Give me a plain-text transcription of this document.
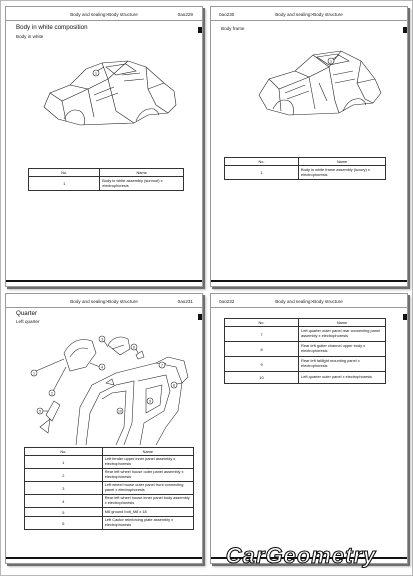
Body and sealing>Body structure	0ao229
Body in white composition
Body in white
1
No.	Name
1	Body in white assembly (sunroof) x electrophoresis
0ao230	Body and sealing>Body structure
Body frame
1
No.	Name
1	Body in white frame assembly (luxury) x electrophoresis
Body and sealing>Body structure	0ao231
Quarter
Left quarter
1
2
3
4
5
6
7
8
9
10
No.	Name
1	Left fender upper inner panel assembly x electrophoresis
2	Rear left wheel house outer panel assembly x electrophoresis
3	Left wheel house outer panel front connecting panel x electrophoresis
4	Rear left wheel house inner panel body assembly x electrophoresis
5	M8 ground bolt_M8 x 18
6	Left Cactor reinforcing plate assembly x electrophoresis
0ao232	Body and sealing>Body structure
No.	Name
7	Left quarter outer panel rear connecting panel assembly x electrophoresis
8	Rear left gutter channel upper body x electrophoresis
9	Rear left taillight mounting panel x electrophoresis
10	Left quarter outer panel x electrophoresis
CarGeometry
